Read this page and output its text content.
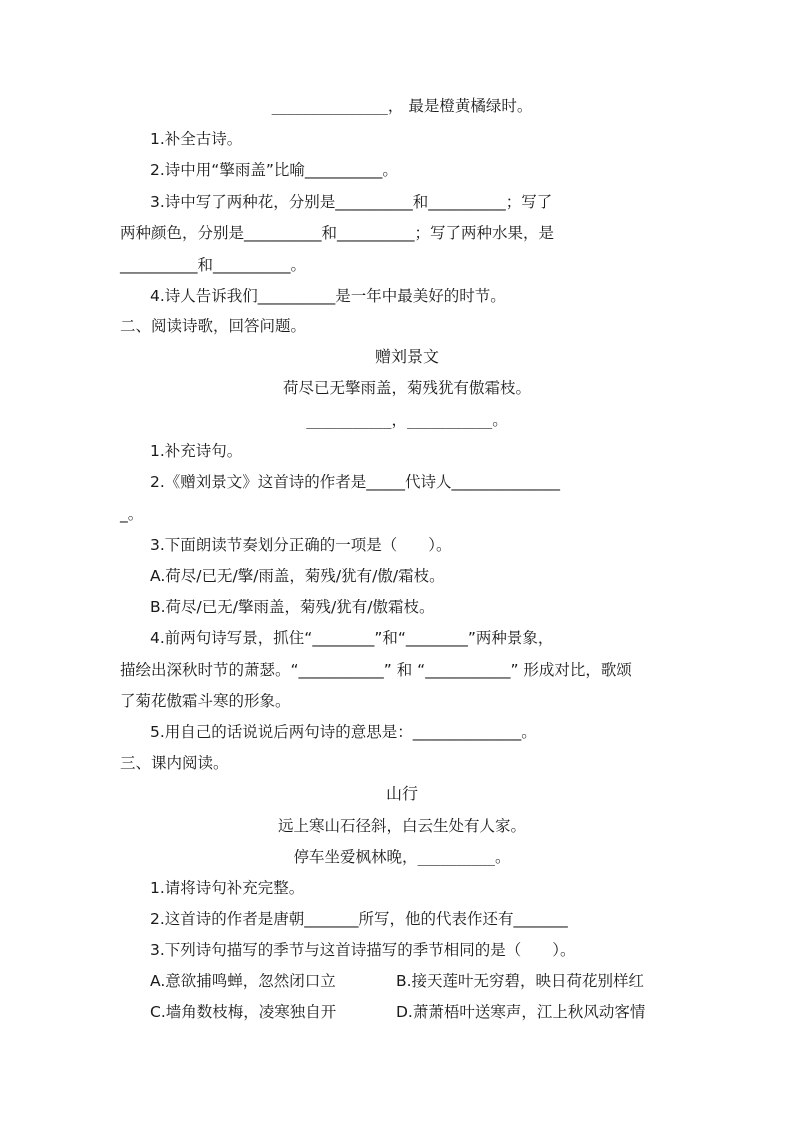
_______________， 最是橙黄橘绿时。
1.补全古诗。
2.诗中用“擎雨盖”比喻__________。
3.诗中写了两种花，分别是__________和__________；写了
两种颜色，分别是__________和__________；写了两种水果，是
__________和__________。
4.诗人告诉我们__________是一年中最美好的时节。
二、阅读诗歌，回答问题。
赠刘景文
荷尽已无擎雨盖，菊残犹有傲霜枝。
___________，___________。
1.补充诗句。
2.《赠刘景文》这首诗的作者是_____代诗人______________
_。
3.下面朗读节奏划分正确的一项是（　　）。
A.荷尽/已无/擎/雨盖，菊残/犹有/傲/霜枝。
B.荷尽/已无/擎雨盖，菊残/犹有/傲霜枝。
4.前两句诗写景，抓住“________”和“________”两种景象，
描绘出深秋时节的萧瑟。“___________” 和 “___________” 形成对比，歌颂
了菊花傲霜斗寒的形象。
5.用自己的话说说后两句诗的意思是：______________。
三、课内阅读。
山行
远上寒山石径斜，白云生处有人家。
停车坐爱枫林晚，__________。
1.请将诗句补充完整。
2.这首诗的作者是唐朝_______所写，他的代表作还有_______
3.下列诗句描写的季节与这首诗描写的季节相同的是（　　）。
A.意欲捕鸣蝉，忽然闭口立	B.接天莲叶无穷碧，映日荷花别样红
C.墙角数枝梅，凌寒独自开	D.萧萧梧叶送寒声，江上秋风动客情
